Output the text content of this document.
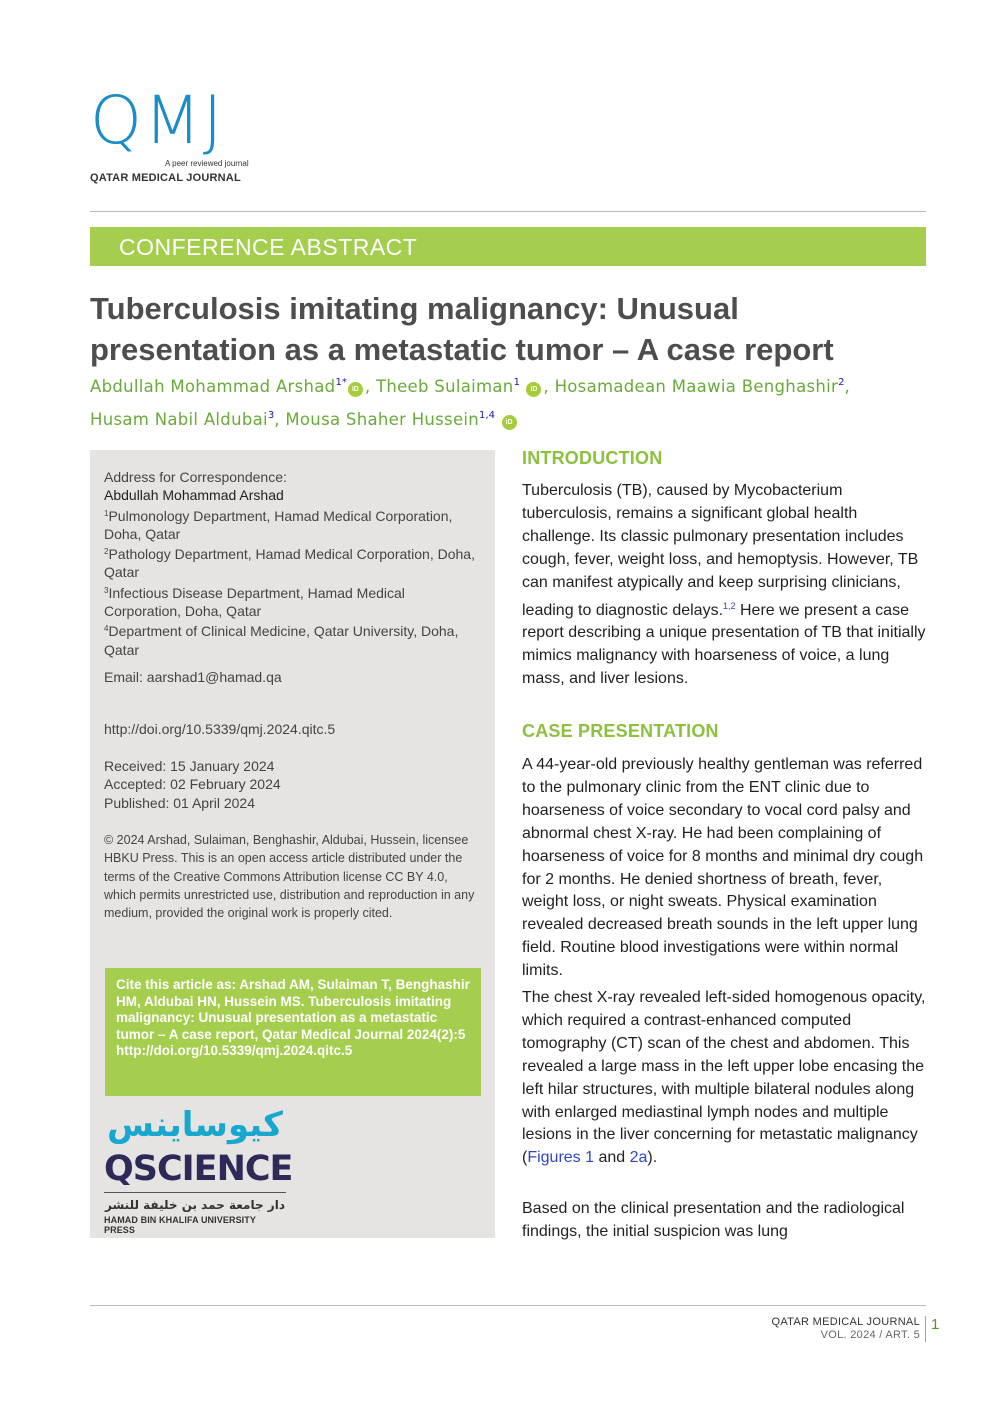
QMJ
A peer reviewed journal
QATAR MEDICAL JOURNAL
CONFERENCE ABSTRACT
Tuberculosis imitating malignancy: Unusual
presentation as a metastatic tumor – A case report
Abdullah Mohammad Arshad$^{1*}$iD , Theeb Sulaiman$^1$ iD , Hosamadean Maawia Benghashir$^2$,
Husam Nabil Aldubai$^3$, Mousa Shaher Hussein$^{1,4}$ iD
Address for Correspondence:
Abdullah Mohammad Arshad
$^1$Pulmonology Department, Hamad Medical Corporation, Doha, Qatar
$^2$Pathology Department, Hamad Medical Corporation, Doha, Qatar
$^3$Infectious Disease Department, Hamad Medical Corporation, Doha, Qatar
$^4$Department of Clinical Medicine, Qatar University, Doha, Qatar
Email: aarshad1@hamad.qa
http://doi.org/10.5339/qmj.2024.qitc.5
Received: 15 January 2024
Accepted: 02 February 2024
Published: 01 April 2024
© 2024 Arshad, Sulaiman, Benghashir, Aldubai, Hussein, licensee HBKU Press. This is an open access article distributed under the terms of the Creative Commons Attribution license CC BY 4.0, which permits unrestricted use, distribution and reproduction in any medium, provided the original work is properly cited.
Cite this article as: Arshad AM, Sulaiman T, Benghashir HM, Aldubai HN, Hussein MS. Tuberculosis imitating malignancy: Unusual presentation as a metastatic tumor – A case report, Qatar Medical Journal 2024(2):5 http://doi.org/10.5339/qmj.2024.qitc.5
كيوساينس
QSCIENCE
دار جامعة حمد بن خليفة للنشر
HAMAD BIN KHALIFA UNIVERSITY PRESS
INTRODUCTION
Tuberculosis (TB), caused by Mycobacterium tuberculosis, remains a significant global health challenge. Its classic pulmonary presentation includes cough, fever, weight loss, and hemoptysis. However, TB can manifest atypically and keep surprising clinicians, leading to diagnostic delays.$^{1,2}$ Here we present a case report describing a unique presentation of TB that initially mimics malignancy with hoarseness of voice, a lung mass, and liver lesions.
CASE PRESENTATION
A 44-year-old previously healthy gentleman was referred to the pulmonary clinic from the ENT clinic due to hoarseness of voice secondary to vocal cord palsy and abnormal chest X-ray. He had been complaining of hoarseness of voice for 8 months and minimal dry cough for 2 months. He denied shortness of breath, fever, weight loss, or night sweats. Physical examination revealed decreased breath sounds in the left upper lung field. Routine blood investigations were within normal limits.
The chest X-ray revealed left-sided homogenous opacity, which required a contrast-enhanced computed tomography (CT) scan of the chest and abdomen. This revealed a large mass in the left upper lobe encasing the left hilar structures, with multiple bilateral nodules along with enlarged mediastinal lymph nodes and multiple lesions in the liver concerning for metastatic malignancy (Figures 1 and 2a).
Based on the clinical presentation and the radiological findings, the initial suspicion was lung
QATAR MEDICAL JOURNAL
VOL. 2024 / ART. 5
1
